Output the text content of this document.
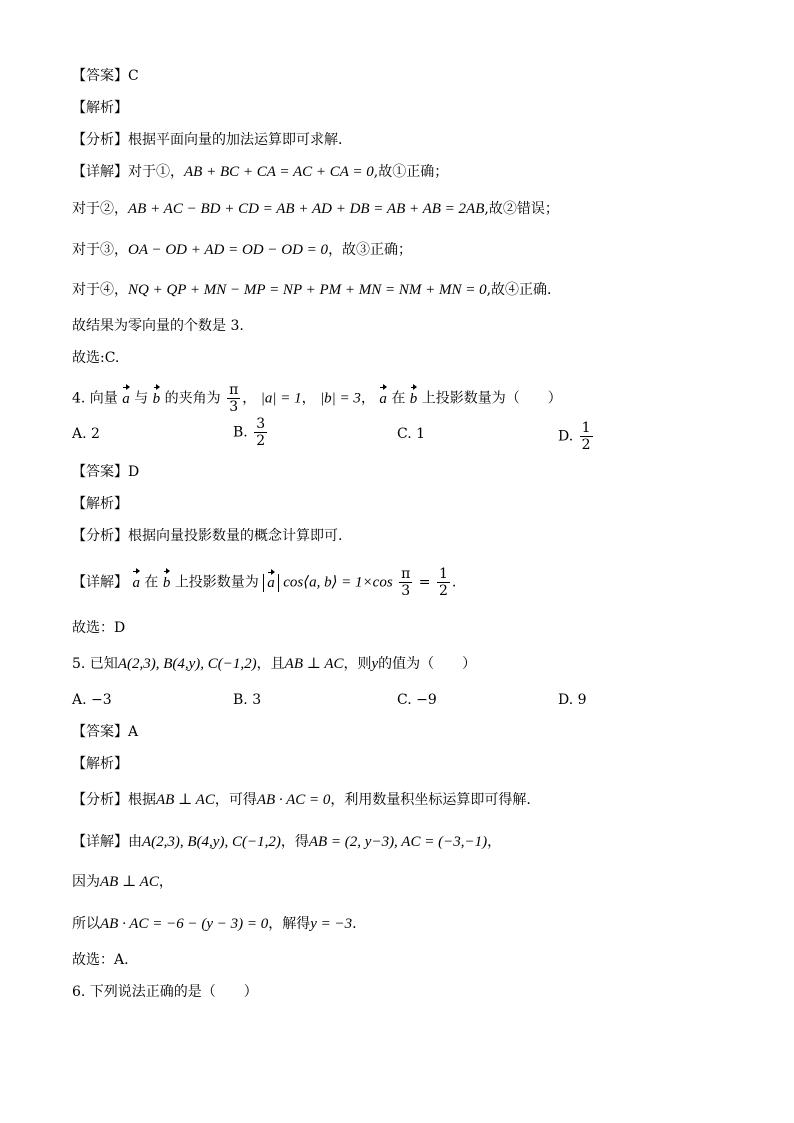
【答案】C
【解析】
【分析】根据平面向量的加法运算即可求解.
【详解】对于①，AB + BC + CA = AC + CA = 0,故①正确；
对于②，AB + AC − BD + CD = AB + AD + DB = AB + AB = 2AB,故②错误；
对于③，OA − OD + AD = OD − OD = 0，故③正确；
对于④，NQ + QP + MN − MP = NP + PM + MN = NM + MN = 0,故④正确.
故结果为零向量的个数是 3.
故选:C.
4. 向量 a 与 b 的夹角为 $\frac{\pi}{3}$ ， |a| = 1， |b| = 3， a 在 b 上投影数量为（　　）
A. 2	B. $\frac{3}{2}$	C. 1	D. $\frac{1}{2}$
【答案】D
【解析】
【分析】根据向量投影数量的概念计算即可.
【详解】 a 在 b 上投影数量为 a cos⟨a, b⟩ = $1\times\cos \frac{\pi}{3} = \frac{1}{2}$ .
故选：D
5. 已知A(2,3), B(4,y), C(−1,2)，且AB ⊥ AC，则y的值为（　　）
A. −3	B. 3	C. −9	D. 9
【答案】A
【解析】
【分析】根据AB ⊥ AC，可得AB · AC = 0，利用数量积坐标运算即可得解.
【详解】由A(2,3), B(4,y), C(−1,2)，得AB = (2, y−3), AC = (−3,−1)，
因为AB ⊥ AC，
所以AB · AC = −6 − (y − 3) = 0，解得y = −3.
故选：A.
6. 下列说法正确的是（　　）
